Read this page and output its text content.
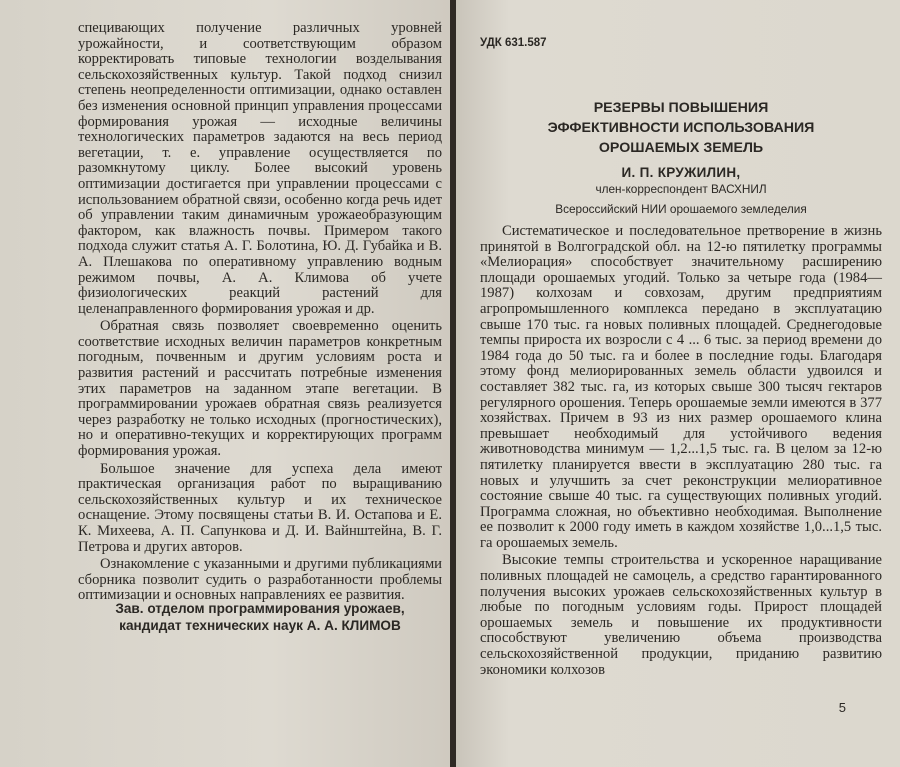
специвающих получение различных уровней урожайности, и соответствующим образом корректировать типовые технологии возделывания сельскохозяйственных культур. Такой подход снизил степень неопределенности оптимизации, однако оставлен без изменения основной принцип управления процессами формирования урожая — исходные величины технологических параметров задаются на весь период вегетации, т. е. управление осуществляется по разомкнутому циклу. Более высокий уровень оптимизации достигается при управлении процессами с использованием обратной связи, особенно когда речь идет об управлении таким динамичным урожаеобразующим фактором, как влажность почвы. Примером такого подхода служит статья А. Г. Болотина, Ю. Д. Губайка и В. А. Плешакова по оперативному управлению водным режимом почвы, А. А. Климова об учете физиологических реакций растений для целенаправленного формирования урожая и др.

Обратная связь позволяет своевременно оценить соответствие исходных величин параметров конкретным погодным, почвенным и другим условиям роста и развития растений и рассчитать потребные изменения этих параметров на заданном этапе вегетации. В программировании урожаев обратная связь реализуется через разработку не только исходных (прогностических), но и оперативно-текущих и корректирующих программ формирования урожая.

Большое значение для успеха дела имеют практическая организация работ по выращиванию сельскохозяйственных культур и их техническое оснащение. Этому посвящены статьи В. И. Остапова и Е. К. Михеева, А. П. Сапункова и Д. И. Вайнштейна, В. Г. Петрова и других авторов.

Ознакомление с указанными и другими публикациями сборника позволит судить о разработанности проблемы оптимизации и основных направлениях ее развития.

Зав. отделом программирования урожаев,
кандидат технических наук А. А. КЛИМОВ
УДК 631.587
РЕЗЕРВЫ ПОВЫШЕНИЯ
ЭФФЕКТИВНОСТИ ИСПОЛЬЗОВАНИЯ
ОРОШАЕМЫХ ЗЕМЕЛЬ
И. П. КРУЖИЛИН,
член-корреспондент ВАСХНИЛ
Всероссийский НИИ орошаемого земледелия

Систематическое и последовательное претворение в жизнь принятой в Волгоградской обл. на 12-ю пятилетку программы «Мелиорация» способствует значительному расширению площади орошаемых угодий. Только за четыре года (1984—1987) колхозам и совхозам, другим предприятиям агропромышленного комплекса передано в эксплуатацию свыше 170 тыс. га новых поливных площадей. Среднегодовые темпы прироста их возросли с 4 ... 6 тыс. за период времени до 1984 года до 50 тыс. га и более в последние годы. Благодаря этому фонд мелиорированных земель области удвоился и составляет 382 тыс. га, из которых свыше 300 тысяч гектаров регулярного орошения. Теперь орошаемые земли имеются в 377 хозяйствах. Причем в 93 из них размер орошаемого клина превышает необходимый для устойчивого ведения животноводства минимум — 1,2...1,5 тыс. га. В целом за 12-ю пятилетку планируется ввести в эксплуатацию 280 тыс. га новых и улучшить за счет реконструкции мелиоративное состояние свыше 40 тыс. га существующих поливных угодий. Программа сложная, но объективно необходимая. Выполнение ее позволит к 2000 году иметь в каждом хозяйстве 1,0...1,5 тыс. га орошаемых земель.

Высокие темпы строительства и ускоренное наращивание поливных площадей не самоцель, а средство гарантированного получения высоких урожаев сельскохозяйственных культур в любые по погодным условиям годы. Прирост площадей орошаемых земель и повышение их продуктивности способствуют увеличению объема производства сельскохозяйственной продукции, приданию развитию экономики колхозов

5
